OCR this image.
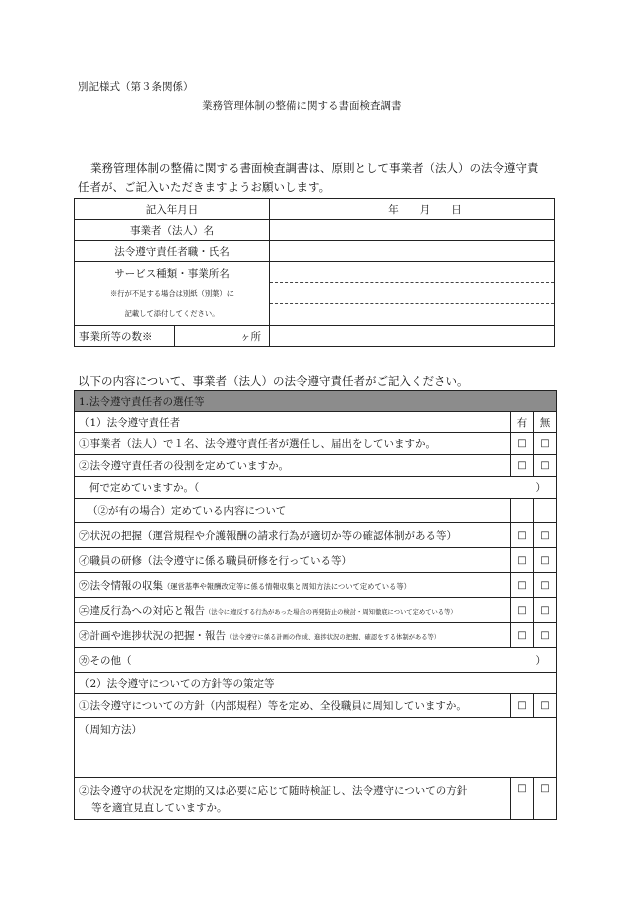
別記様式（第３条関係）
業務管理体制の整備に関する書面検査調書
業務管理体制の整備に関する書面検査調書は、原則として事業者（法人）の法令遵守責
任者が、ご記入いただきますようお願いします。
記入年月日		年　　月　　日
事業者（法人）名		
法令遵守責任者職・氏名		

サービス種類・事業所名
※行が不足する場合は別紙（別葉）に
記載して添付してください。		

事業所等の数※	ヶ所	
以下の内容について、事業者（法人）の法令遵守責任者がご記入ください。
1.法令遵守責任者の選任等		
（1）法令遵守責任者	有	無
①事業者（法人）で１名、法令遵守責任者が選任し、届出をしていますか。	□	□
②法令遵守責任者の役割を定めていますか。	□	□
何で定めていますか。（		）
（②が有の場合）定めている内容について		
㋐状況の把握（運営規程や介護報酬の請求行為が適切か等の確認体制がある等）	□	□
㋑職員の研修（法令遵守に係る職員研修を行っている等）	□	□
㋒法令情報の収集（運営基準や報酬改定等に係る情報収集と周知方法について定めている等）	□	□
㋓違反行為への対応と報告（法令に違反する行為があった場合の再発防止の検討・周知徹底について定めている等）	□	□
㋔計画や進捗状況の把握・報告（法令遵守に係る計画の作成、進捗状況の把握、確認をする体制がある等）	□	□
㋕その他（		）
（2）法令遵守についての方針等の策定等		
①法令遵守についての方針（内部規程）等を定め、全役職員に周知していますか。	□	□
（周知方法）		

②法令遵守の状況を定期的又は必要に応じて随時検証し、法令遵守についての方針
等を適宜見直していますか。	□	□
